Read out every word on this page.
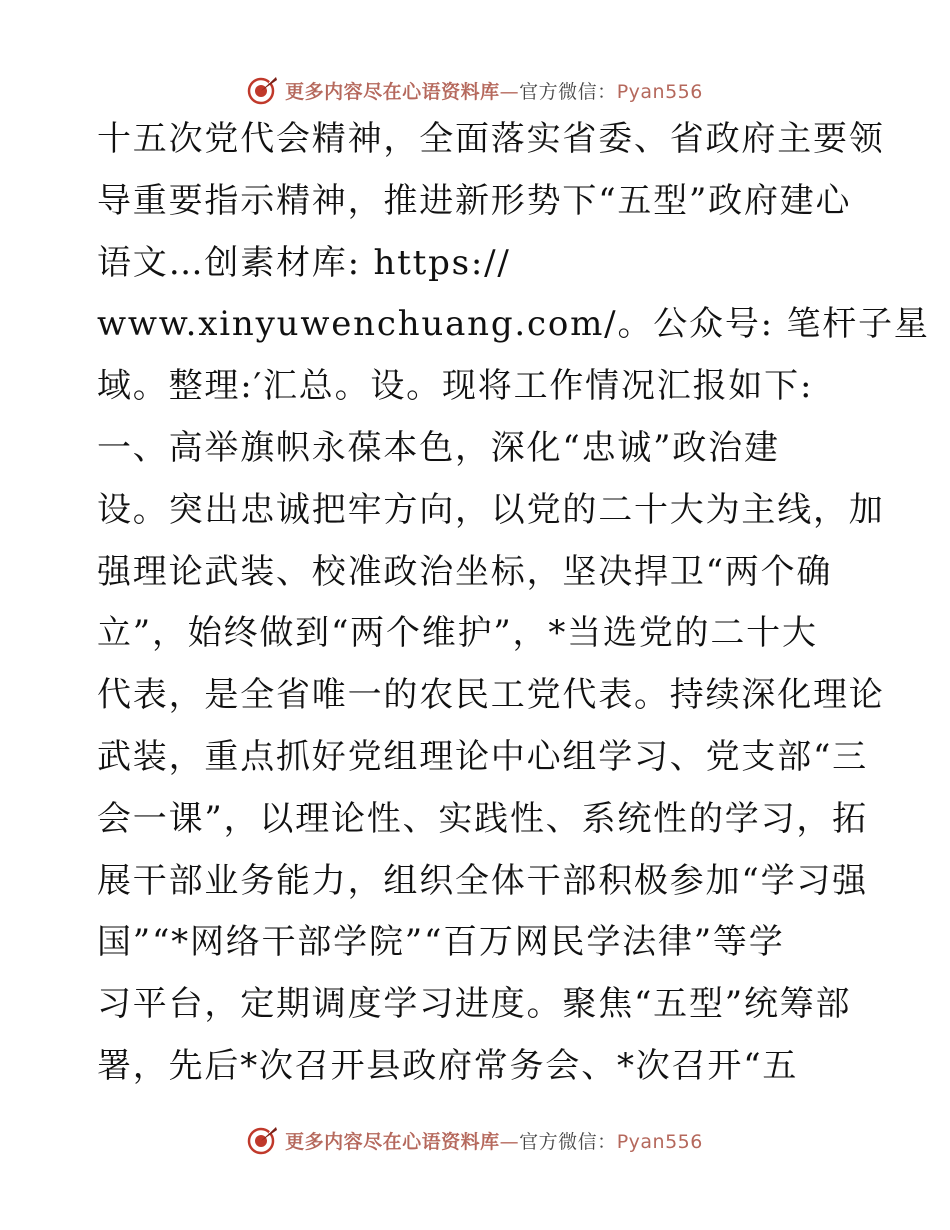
更多内容尽在心语资料库—官方微信：Pyan556
十五次党代会精神，全面落实省委、省政府主要领
导重要指示精神，推进新形势下“五型”政府建心
语文…创素材库: https://
www.xinyuwenchuang.com/。公众号: 笔杆子星
域。整理:′汇总。设。现将工作情况汇报如下:
一、高举旗帜永葆本色，深化“忠诚”政治建
设。突出忠诚把牢方向，以党的二十大为主线，加
强理论武装、校准政治坐标，坚决捍卫“两个确
立”，始终做到“两个维护”，*当选党的二十大
代表，是全省唯一的农民工党代表。持续深化理论
武装，重点抓好党组理论中心组学习、党支部“三
会一课”，以理论性、实践性、系统性的学习，拓
展干部业务能力，组织全体干部积极参加“学习强
国”“*网络干部学院”“百万网民学法律”等学
习平台，定期调度学习进度。聚焦“五型”统筹部
署，先后*次召开县政府常务会、*次召开“五
更多内容尽在心语资料库—官方微信：Pyan556
